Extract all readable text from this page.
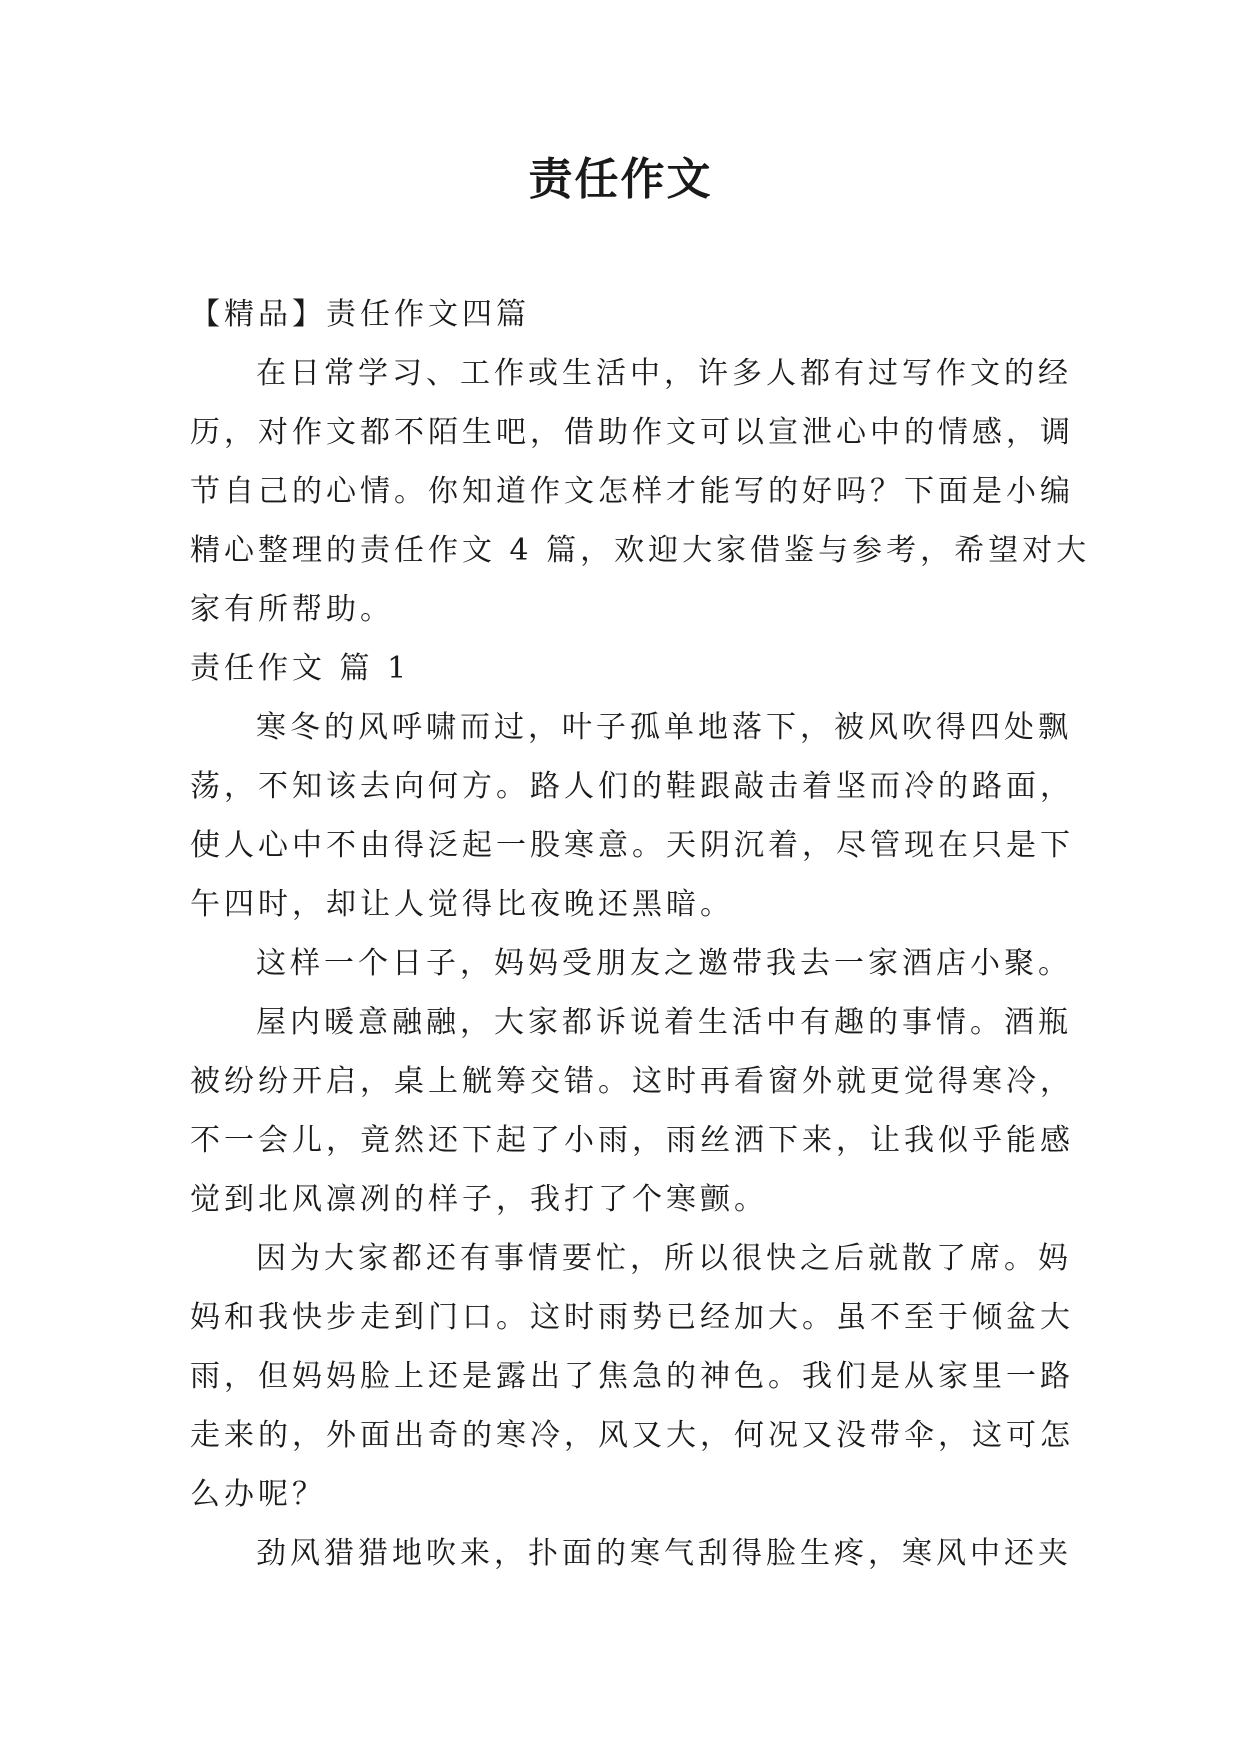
责任作文

【精品】责任作文四篇

在日常学习、工作或生活中，许多人都有过写作文的经

历，对作文都不陌生吧，借助作文可以宣泄心中的情感，调

节自己的心情。你知道作文怎样才能写的好吗？下面是小编

精心整理的责任作文 4 篇，欢迎大家借鉴与参考，希望对大

家有所帮助。

责任作文 篇 1

寒冬的风呼啸而过，叶子孤单地落下，被风吹得四处飘

荡，不知该去向何方。路人们的鞋跟敲击着坚而冷的路面，

使人心中不由得泛起一股寒意。天阴沉着，尽管现在只是下

午四时，却让人觉得比夜晚还黑暗。

这样一个日子，妈妈受朋友之邀带我去一家酒店小聚。

屋内暖意融融，大家都诉说着生活中有趣的事情。酒瓶

被纷纷开启，桌上觥筹交错。这时再看窗外就更觉得寒冷，

不一会儿，竟然还下起了小雨，雨丝洒下来，让我似乎能感

觉到北风凛冽的样子，我打了个寒颤。

因为大家都还有事情要忙，所以很快之后就散了席。妈

妈和我快步走到门口。这时雨势已经加大。虽不至于倾盆大

雨，但妈妈脸上还是露出了焦急的神色。我们是从家里一路

走来的，外面出奇的寒冷，风又大，何况又没带伞，这可怎

么办呢？

劲风猎猎地吹来，扑面的寒气刮得脸生疼，寒风中还夹
